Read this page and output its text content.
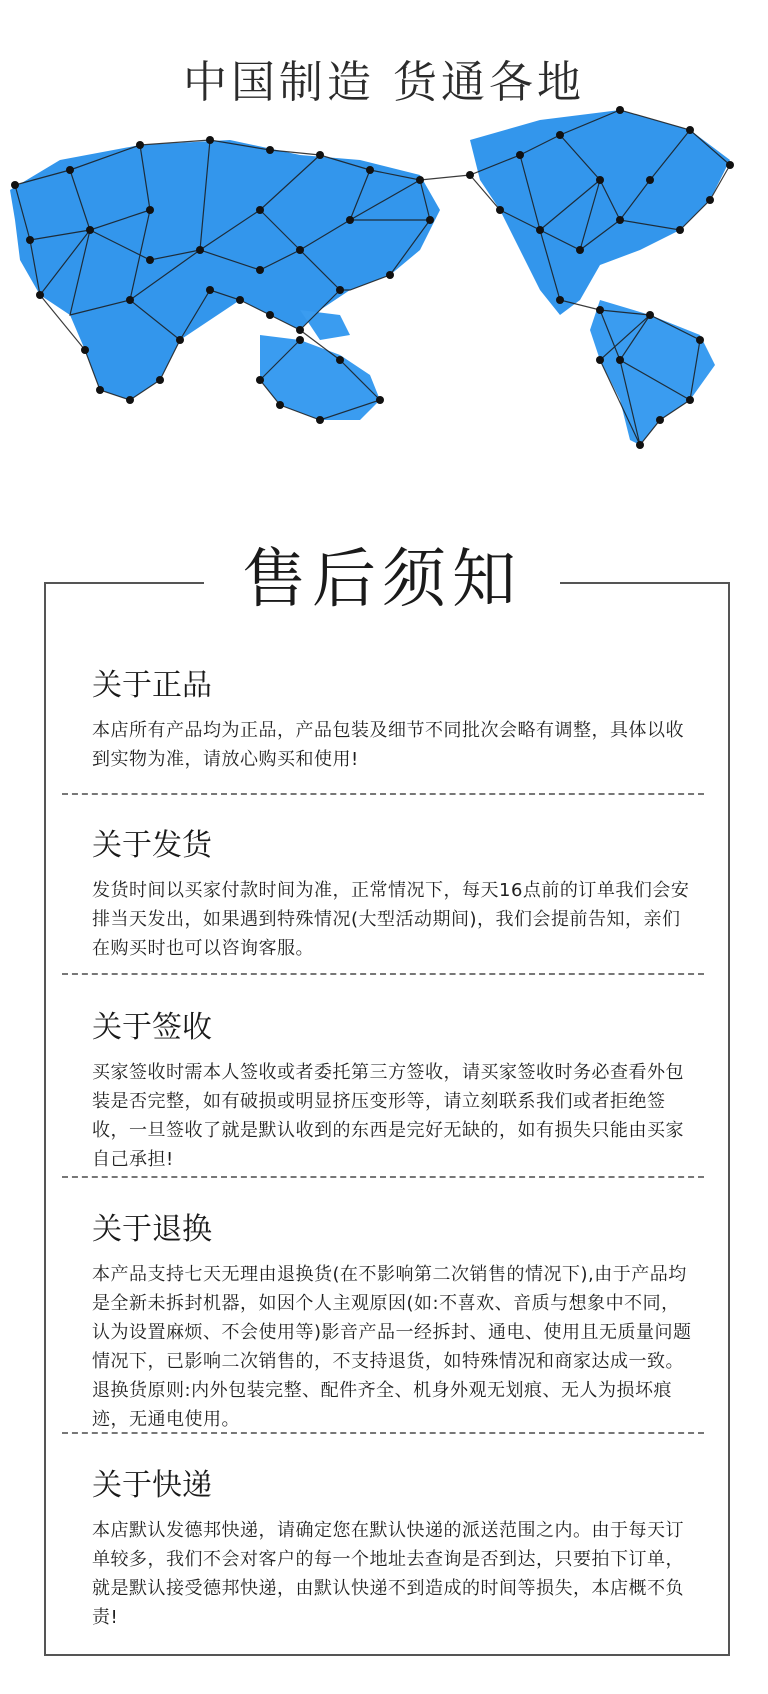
中国制造 货通各地
售后须知
关于正品

本店所有产品均为正品，产品包装及细节不同批次会略有调整，具体以收到实物为准，请放心购买和使用!

关于发货

发货时间以买家付款时间为准，正常情况下，每天16点前的订单我们会安排当天发出，如果遇到特殊情况(大型活动期间)，我们会提前告知，亲们在购买时也可以咨询客服。

关于签收

买家签收时需本人签收或者委托第三方签收，请买家签收时务必查看外包装是否完整，如有破损或明显挤压变形等，请立刻联系我们或者拒绝签收，一旦签收了就是默认收到的东西是完好无缺的，如有损失只能由买家自己承担!

关于退换

本产品支持七天无理由退换货(在不影响第二次销售的情况下),由于产品均是全新未拆封机器，如因个人主观原因(如:不喜欢、音质与想象中不同，认为设置麻烦、不会使用等)影音产品一经拆封、通电、使用且无质量问题情况下，已影响二次销售的，不支持退货，如特殊情况和商家达成一致。退换货原则:内外包装完整、配件齐全、机身外观无划痕、无人为损坏痕迹，无通电使用。

关于快递

本店默认发德邦快递，请确定您在默认快递的派送范围之内。由于每天订单较多，我们不会对客户的每一个地址去查询是否到达，只要拍下订单，就是默认接受德邦快递，由默认快递不到造成的时间等损失，本店概不负责!
